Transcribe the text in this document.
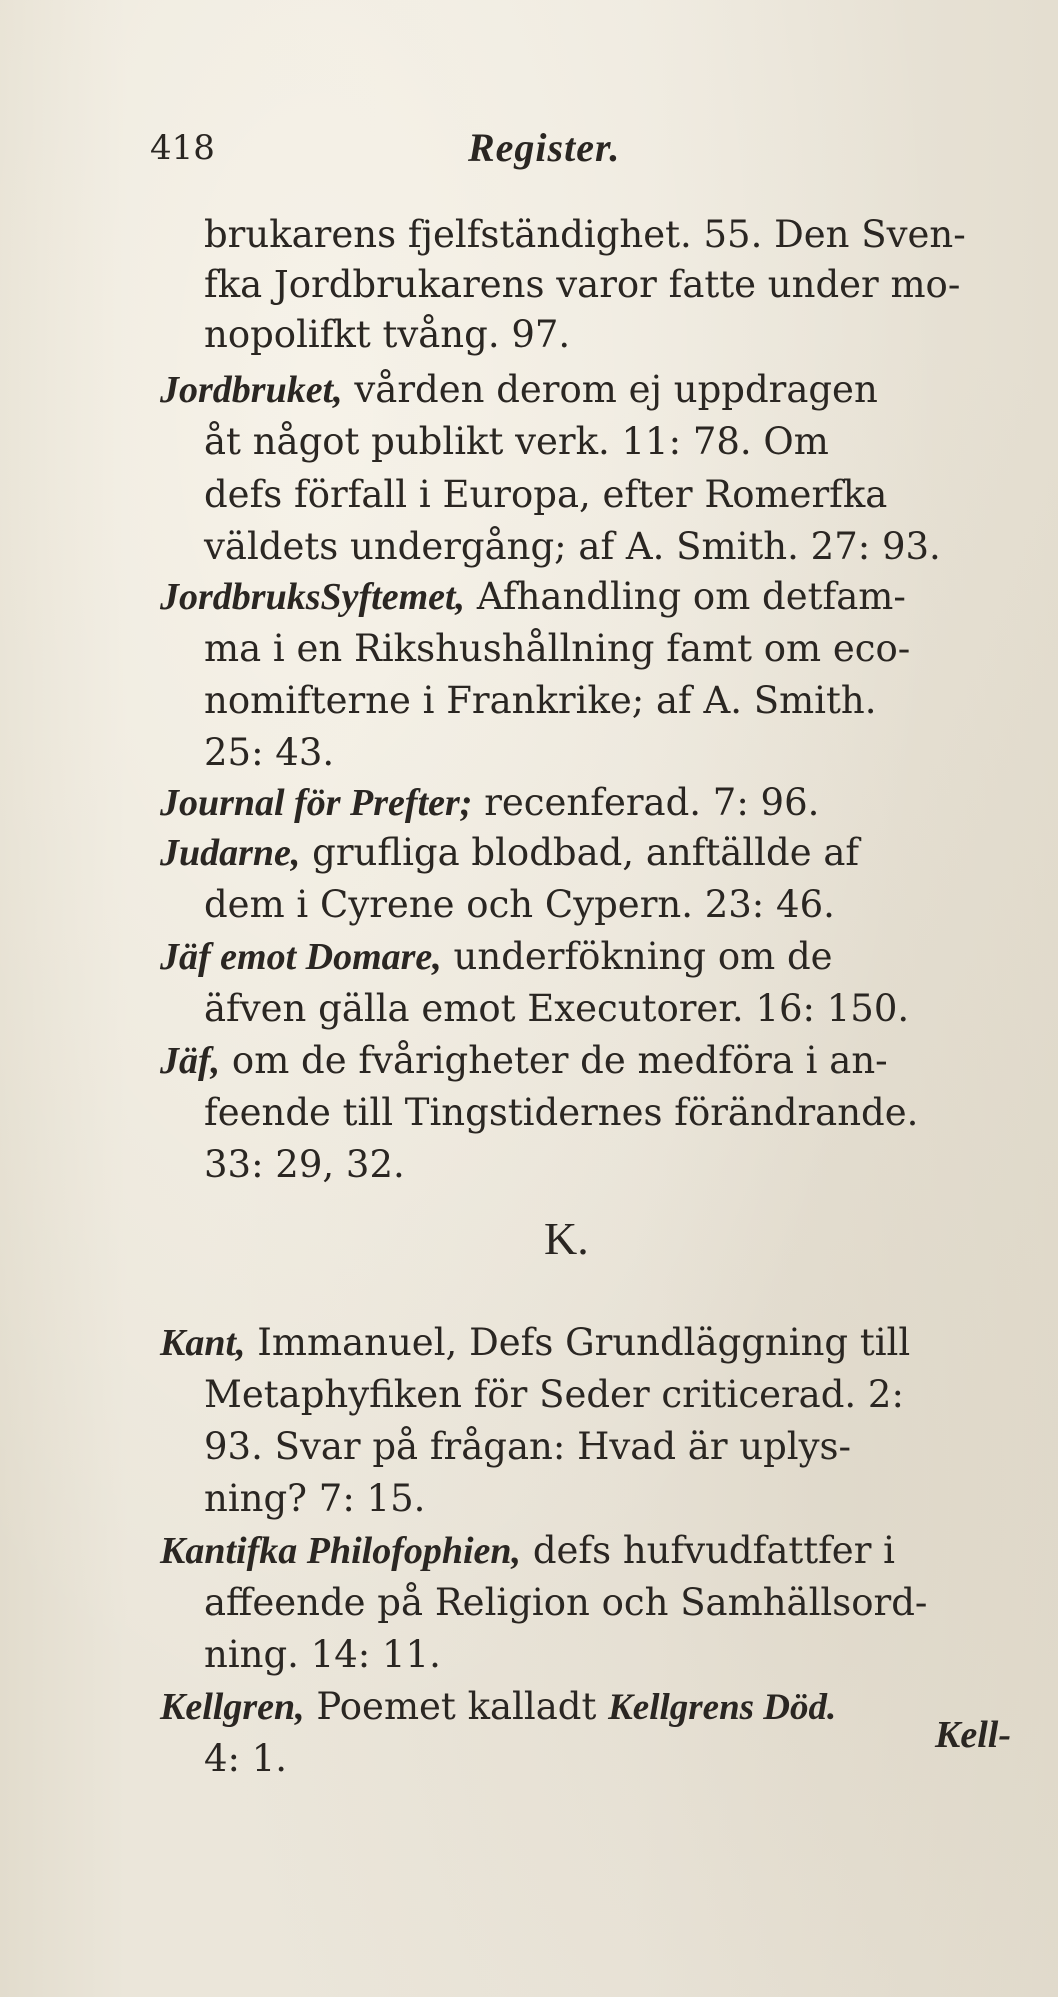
418	Register.
brukarens fjelfständighet. 55. Den Sven-
fka Jordbrukarens varor fatte under mo-
nopolifkt tvång. 97.
Jordbruket, vården derom ej uppdragen
åt något publikt verk. 11: 78. Om
defs förfall i Europa, efter Romerfka
väldets undergång; af A. Smith. 27: 93.
JordbruksSyftemet, Afhandling om detfam-
ma i en Rikshushållning famt om eco-
nomifterne i Frankrike; af A. Smith.
25: 43.
Journal för Prefter; recenferad. 7: 96.
Judarne, grufliga blodbad, anftällde af
dem i Cyrene och Cypern. 23: 46.
Jäf emot Domare, underfökning om de
äfven gälla emot Executorer. 16: 150.
Jäf, om de fvårigheter de medföra i an-
feende till Tingstidernes förändrande.
33: 29, 32.
Kant, Immanuel, Defs Grundläggning till
Metaphyfiken för Seder criticerad. 2:
93. Svar på frågan: Hvad är uplys-
ning? 7: 15.
Kantifka Philofophien, defs hufvudfattfer i
affeende på Religion och Samhällsord-
ning. 14: 11.
Kellgren, Poemet kalladt Kellgrens Död.
4: 1.
K.
Kell-
